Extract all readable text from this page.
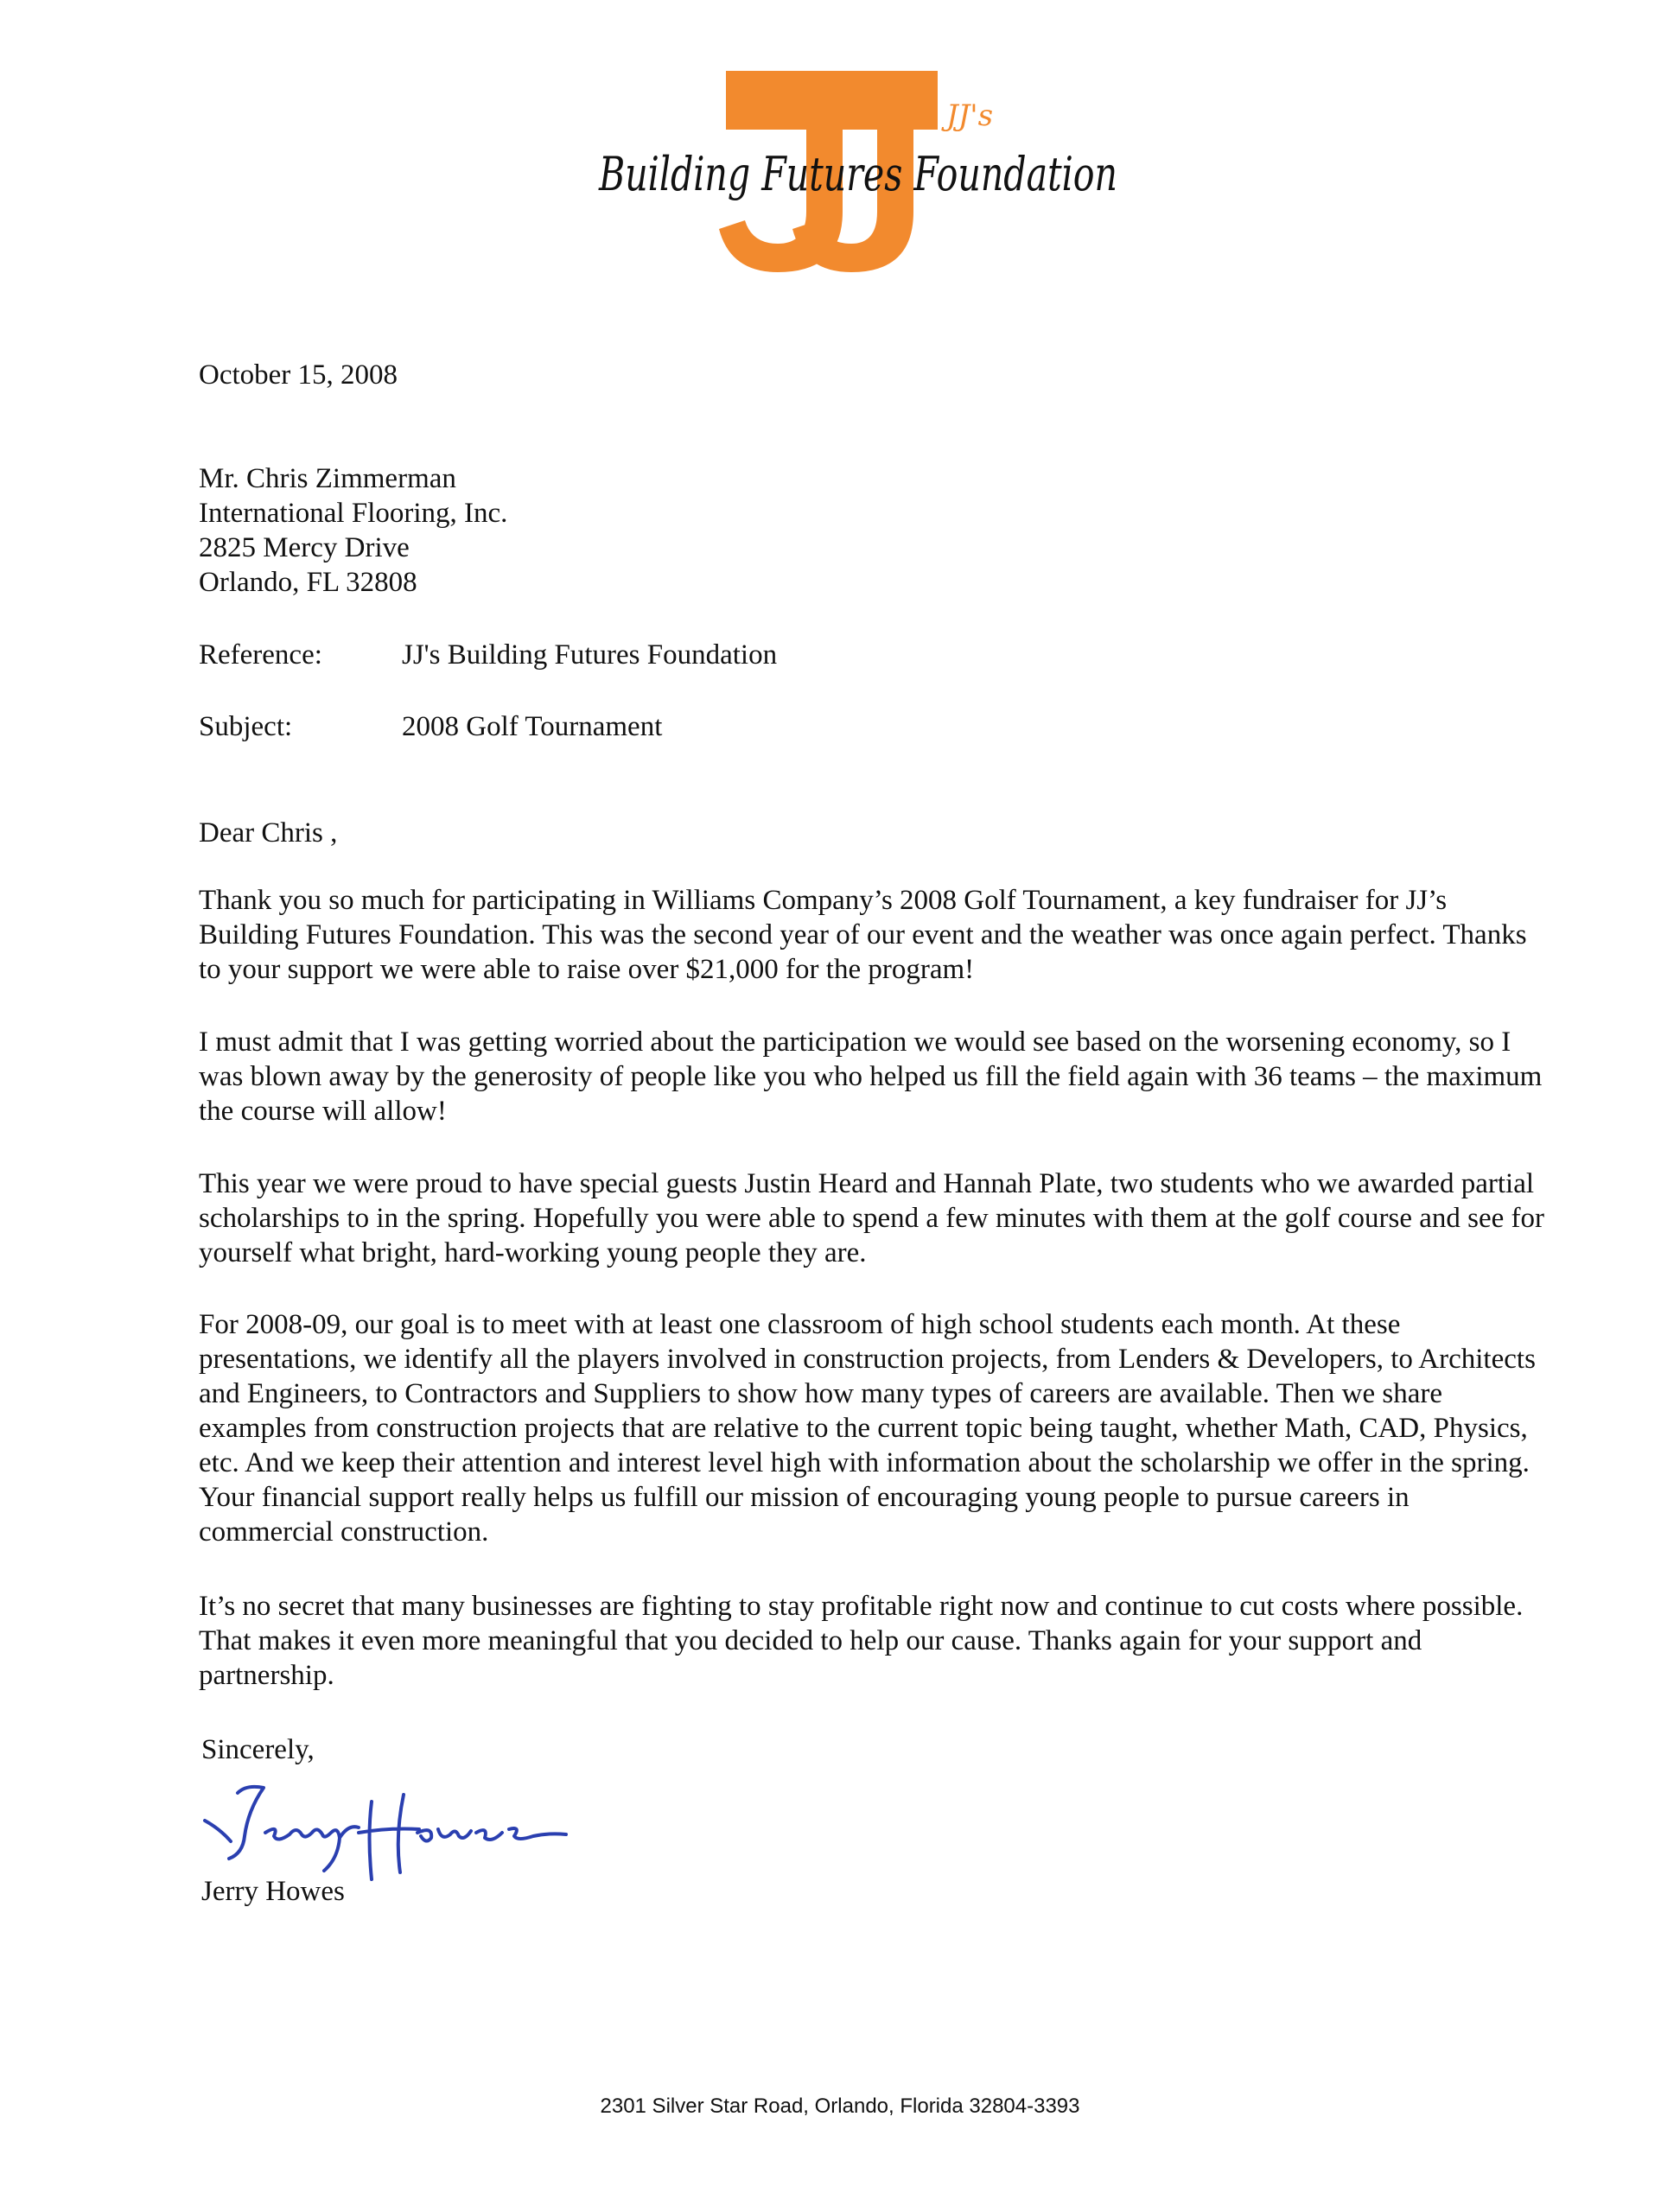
JJ's
Building Futures Foundation
October 15, 2008
Mr. Chris Zimmerman
International Flooring, Inc.
2825 Mercy Drive
Orlando, FL 32808
Reference:	JJ's Building Futures Foundation
Subject:	2008 Golf Tournament
Dear Chris ,

Thank you so much for participating in Williams Company’s 2008 Golf Tournament, a key fundraiser for JJ’s Building Futures Foundation. This was the second year of our event and the weather was once again perfect. Thanks to your support we were able to raise over $21,000 for the program!

I must admit that I was getting worried about the participation we would see based on the worsening economy, so I was blown away by the generosity of people like you who helped us fill the field again with 36 teams – the maximum the course will allow!

This year we were proud to have special guests Justin Heard and Hannah Plate, two students who we awarded partial scholarships to in the spring. Hopefully you were able to spend a few minutes with them at the golf course and see for yourself what bright, hard-working young people they are.

For 2008-09, our goal is to meet with at least one classroom of high school students each month. At these presentations, we identify all the players involved in construction projects, from Lenders & Developers, to Architects and Engineers, to Contractors and Suppliers to show how many types of careers are available. Then we share examples from construction projects that are relative to the current topic being taught, whether Math, CAD, Physics, etc. And we keep their attention and interest level high with information about the scholarship we offer in the spring. Your financial support really helps us fulfill our mission of encouraging young people to pursue careers in commercial construction.

It’s no secret that many businesses are fighting to stay profitable right now and continue to cut costs where possible. That makes it even more meaningful that you decided to help our cause. Thanks again for your support and partnership.

Sincerely,
Jerry Howes
2301 Silver Star Road, Orlando, Florida 32804-3393
